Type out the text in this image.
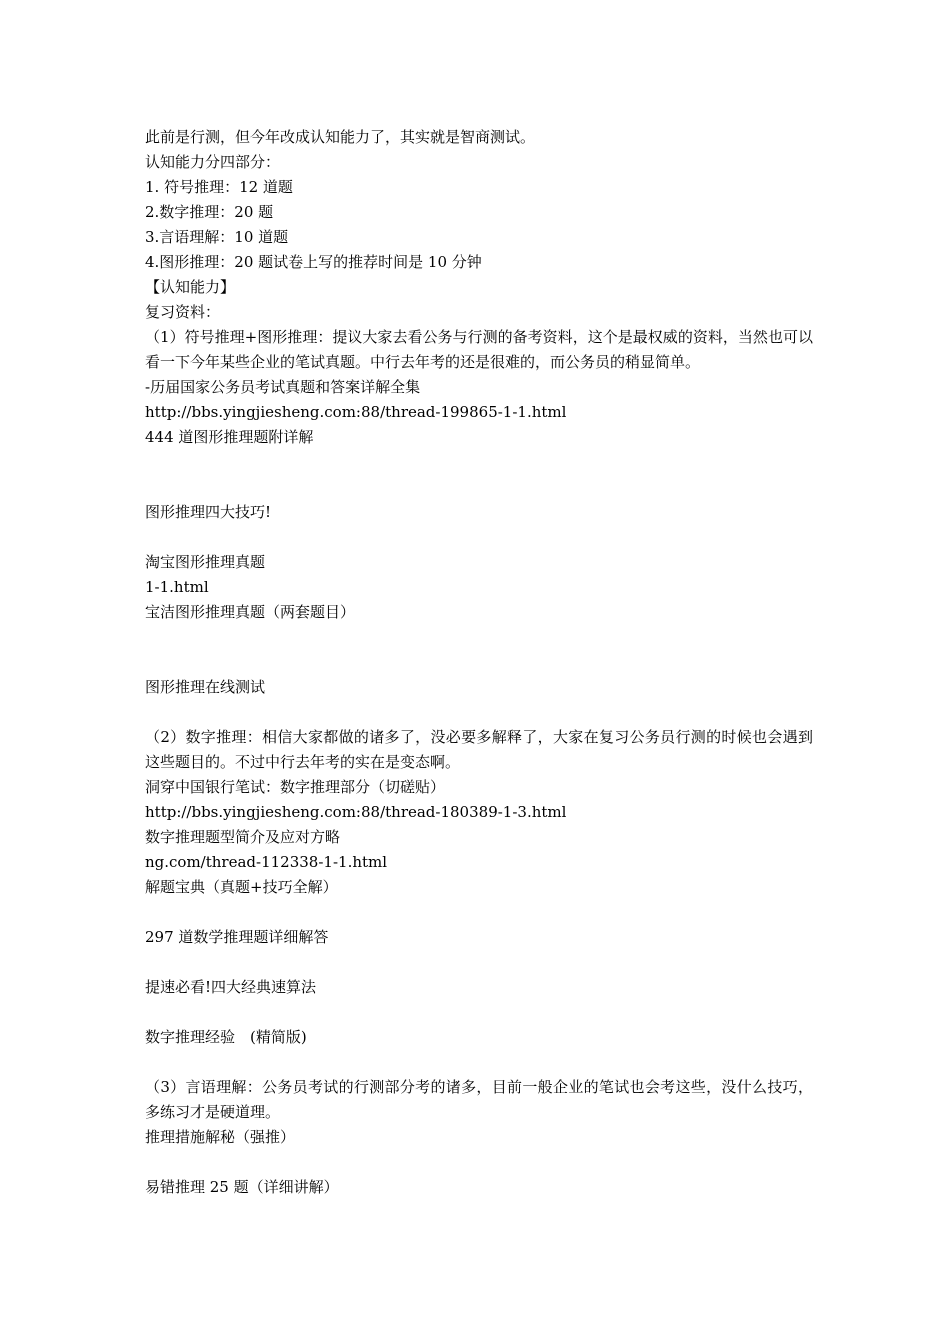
此前是行测，但今年改成认知能力了，其实就是智商测试。
认知能力分四部分：
1. 符号推理：12 道题
2.数字推理：20 题
3.言语理解：10 道题
4.图形推理：20 题试卷上写的推荐时间是 10 分钟
【认知能力】
复习资料：
（1）符号推理+图形推理：提议大家去看公务与行测的备考资料，这个是最权威的资料，当然也可以看一下今年某些企业的笔试真题。中行去年考的还是很难的，而公务员的稍显简单。
-历届国家公务员考试真题和答案详解全集
http://bbs.yingjiesheng.com:88/thread-199865-1-1.html
444 道图形推理题附详解
图形推理四大技巧!
淘宝图形推理真题
1-1.html
宝洁图形推理真题（两套题目）
图形推理在线测试
（2）数字推理：相信大家都做的诸多了，没必要多解释了，大家在复习公务员行测的时候也会遇到这些题目的。不过中行去年考的实在是变态啊。
洞穿中国银行笔试：数字推理部分（切磋贴）
http://bbs.yingjiesheng.com:88/thread-180389-1-3.html
数字推理题型简介及应对方略
ng.com/thread-112338-1-1.html
解题宝典（真题+技巧全解）
297 道数学推理题详细解答
提速必看!四大经典速算法
数字推理经验　(精简版)
（3）言语理解：公务员考试的行测部分考的诸多，目前一般企业的笔试也会考这些，没什么技巧，多练习才是硬道理。
推理措施解秘（强推）
易错推理 25 题（详细讲解）
